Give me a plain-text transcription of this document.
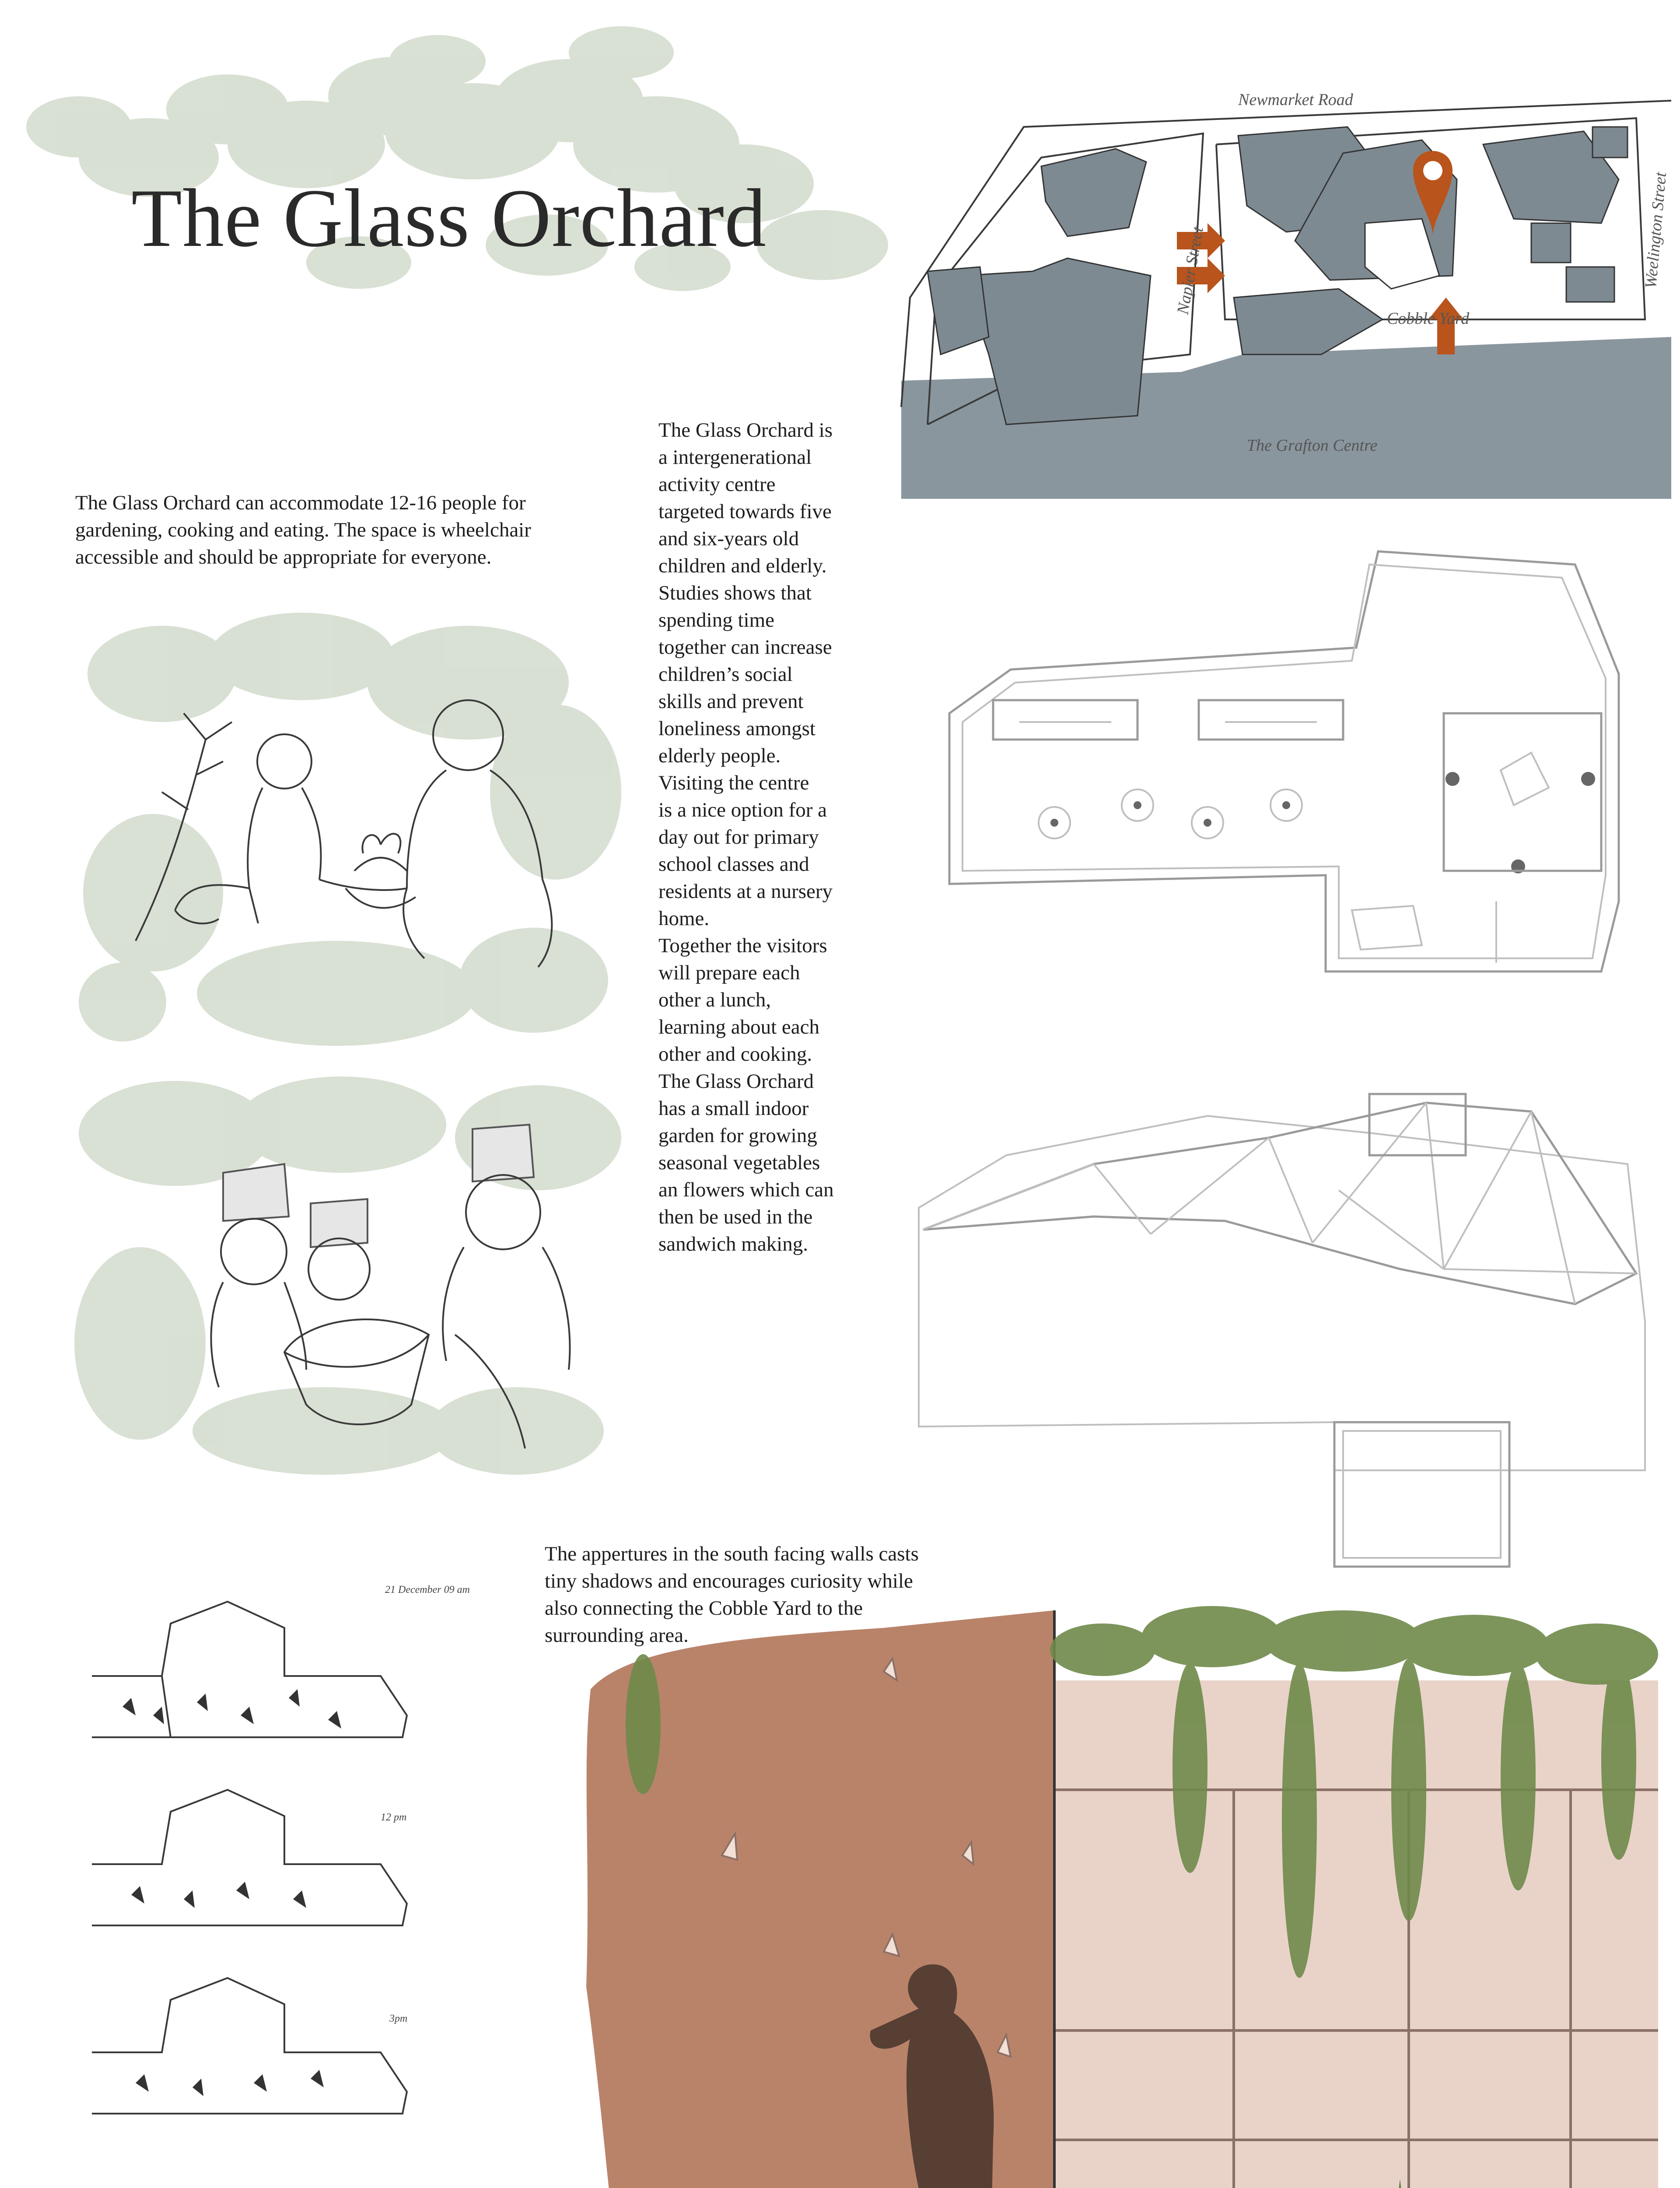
The Glass Orchard
Newmarket Road
Weelington Street
Napier Street
Cobble Yard
The Grafton Centre
The Glass Orchard can accommodate 12-16 people for gardening, cooking and eating. The space is wheelchair accessible and should be appropriate for everyone.
The Glass Orchard is
a intergenerational
activity centre
targeted towards five
and six-years old
children and elderly.
Studies shows that
spending time
together can increase
children’s social
skills and prevent
loneliness amongst
elderly people.
Visiting the centre
is a nice option for a
day out for primary
school classes and
residents at a nursery
home.
Together the visitors
will prepare each
other a lunch,
learning about each
other and cooking.
The Glass Orchard
has a small indoor
garden for growing
seasonal vegetables
an flowers which can
then be used in the
sandwich making.
The appertures in the south facing walls casts tiny shadows and encourages curiosity while also connecting the Cobble Yard to the surrounding area.
21 December 09 am
12 pm
3pm
